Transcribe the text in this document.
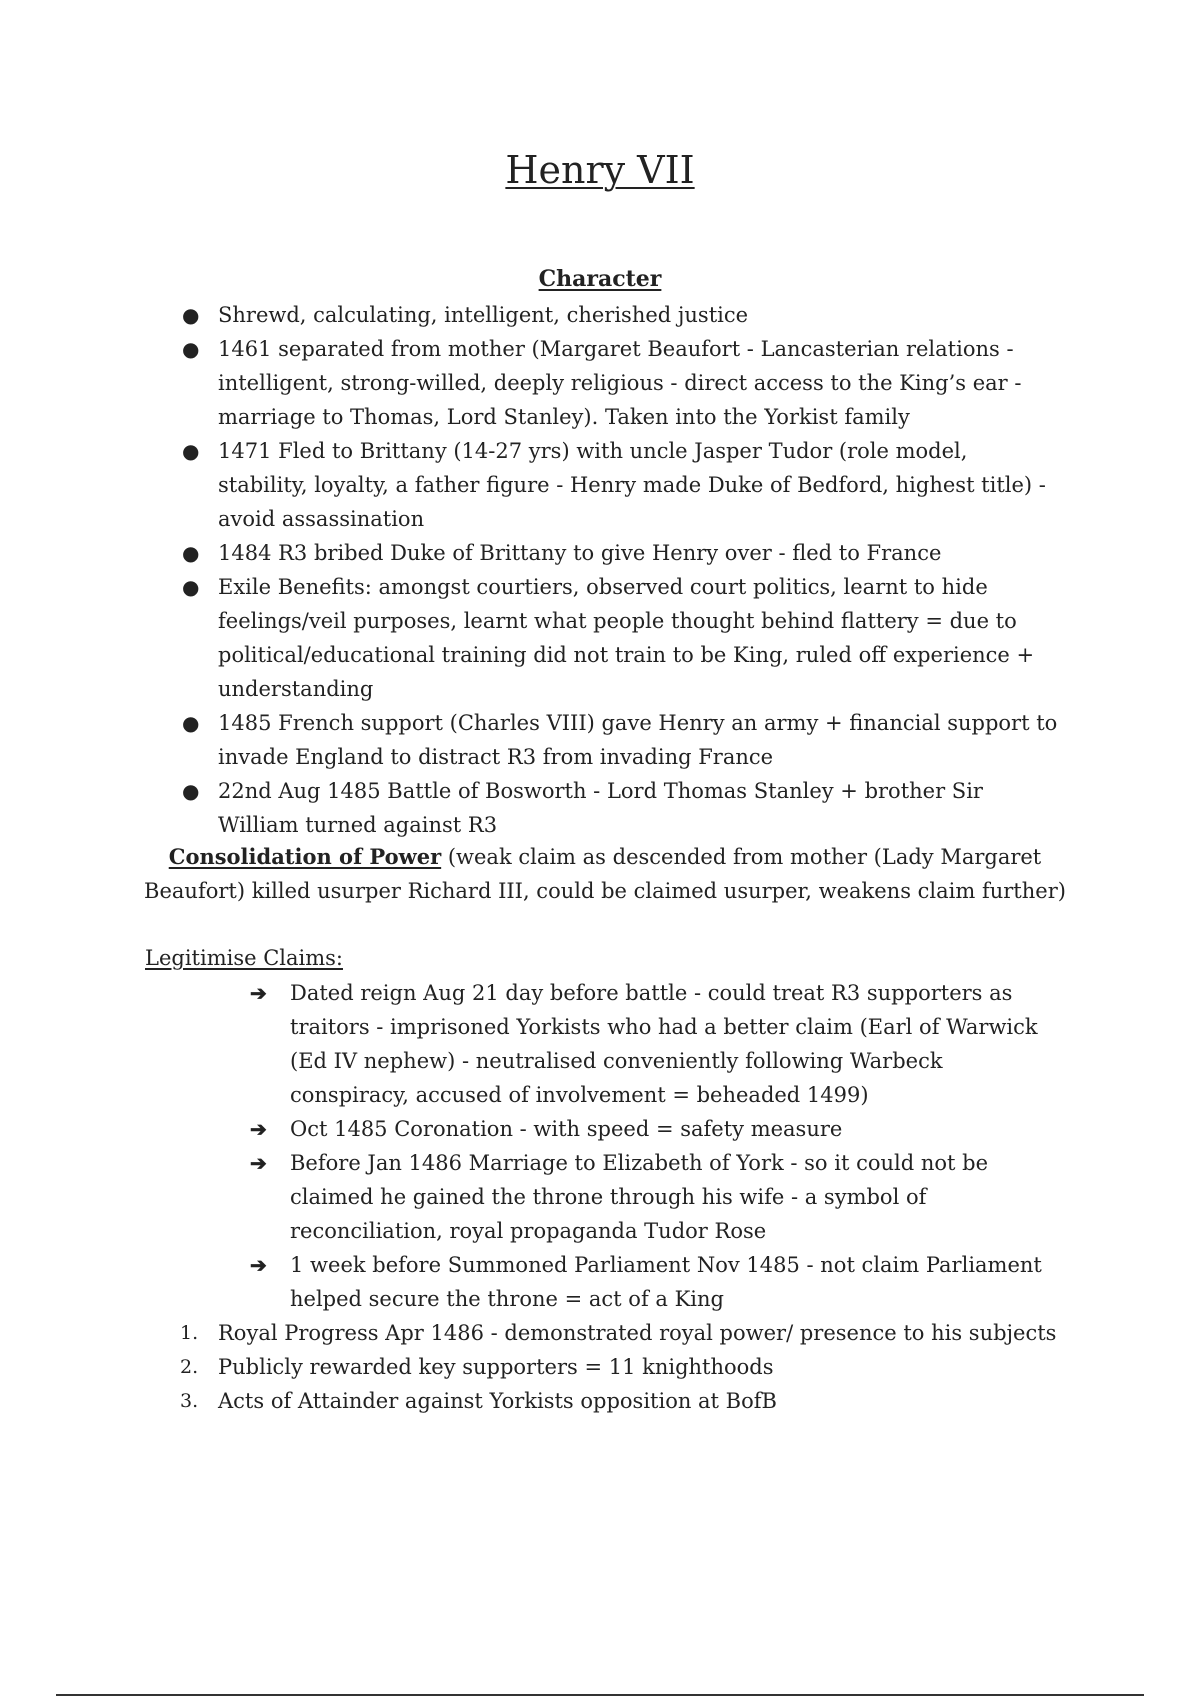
Henry VII
Character
● Shrewd, calculating, intelligent, cherished justice
● 1461 separated from mother (Margaret Beaufort - Lancasterian relations - intelligent, strong-willed, deeply religious - direct access to the King’s ear - marriage to Thomas, Lord Stanley). Taken into the Yorkist family
● 1471 Fled to Brittany (14-27 yrs) with uncle Jasper Tudor (role model, stability, loyalty, a father figure - Henry made Duke of Bedford, highest title) - avoid assassination
● 1484 R3 bribed Duke of Brittany to give Henry over - fled to France
● Exile Benefits: amongst courtiers, observed court politics, learnt to hide feelings/veil purposes, learnt what people thought behind flattery = due to political/educational training did not train to be King, ruled off experience + understanding
● 1485 French support (Charles VIII) gave Henry an army + financial support to invade England to distract R3 from invading France
● 22nd Aug 1485 Battle of Bosworth - Lord Thomas Stanley + brother Sir William turned against R3

Consolidation of Power (weak claim as descended from mother (Lady Margaret Beaufort) killed usurper Richard III, could be claimed usurper, weakens claim further)

Legitimise Claims:

➔ Dated reign Aug 21 day before battle - could treat R3 supporters as traitors - imprisoned Yorkists who had a better claim (Earl of Warwick (Ed IV nephew) - neutralised conveniently following Warbeck conspiracy, accused of involvement = beheaded 1499)
➔ Oct 1485 Coronation - with speed = safety measure
➔ Before Jan 1486 Marriage to Elizabeth of York - so it could not be claimed he gained the throne through his wife - a symbol of reconciliation, royal propaganda Tudor Rose
➔ 1 week before Summoned Parliament Nov 1485 - not claim Parliament helped secure the throne = act of a King
1. Royal Progress Apr 1486 - demonstrated royal power/ presence to his subjects
2. Publicly rewarded key supporters = 11 knighthoods
3. Acts of Attainder against Yorkists opposition at BofB
